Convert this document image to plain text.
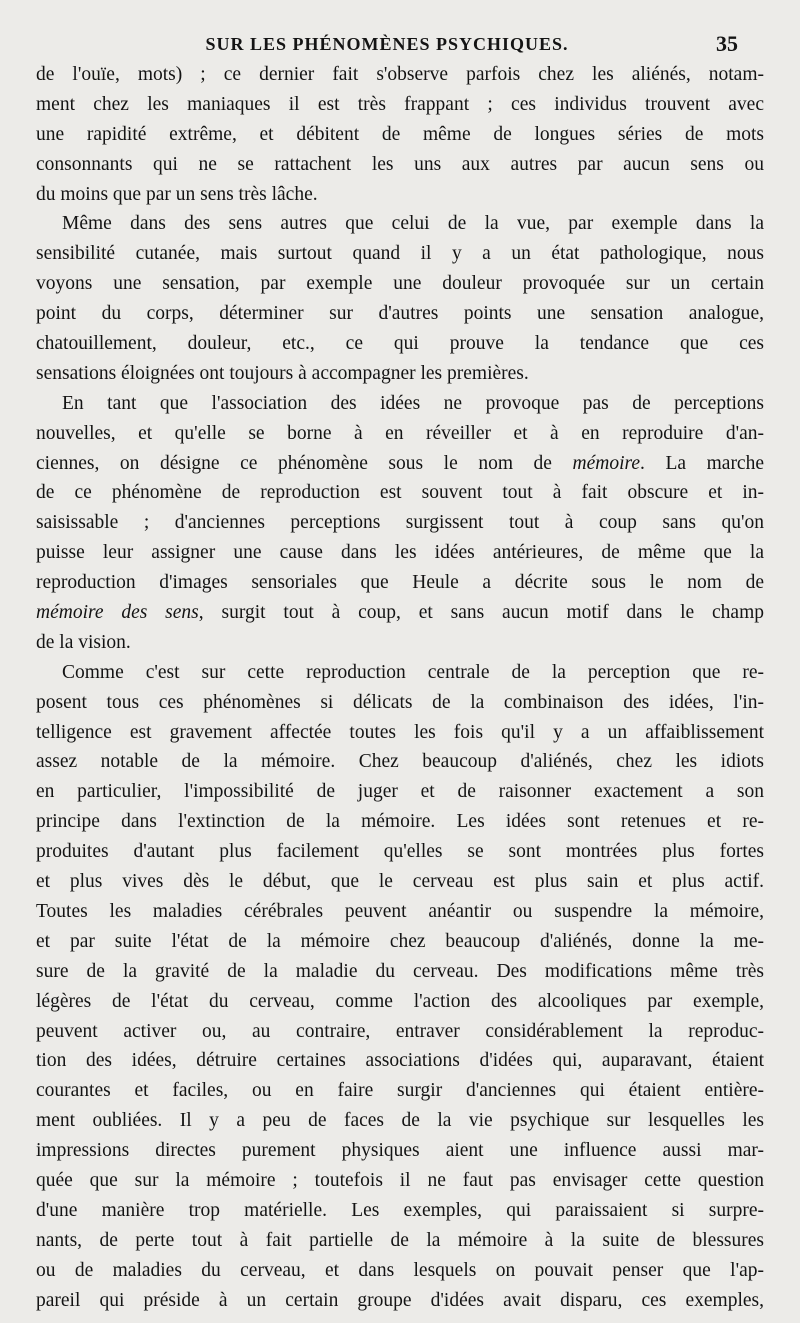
SUR LES PHÉNOMÈNES PSYCHIQUES.	35
de l'ouïe, mots) ; ce dernier fait s'observe parfois chez les aliénés, notam-
ment chez les maniaques il est très frappant ; ces individus trouvent avec
une rapidité extrême, et débitent de même de longues séries de mots
consonnants qui ne se rattachent les uns aux autres par aucun sens ou
du moins que par un sens très lâche.
Même dans des sens autres que celui de la vue, par exemple dans la
sensibilité cutanée, mais surtout quand il y a un état pathologique, nous
voyons une sensation, par exemple une douleur provoquée sur un certain
point du corps, déterminer sur d'autres points une sensation analogue,
chatouillement, douleur, etc., ce qui prouve la tendance que ces
sensations éloignées ont toujours à accompagner les premières.
En tant que l'association des idées ne provoque pas de perceptions
nouvelles, et qu'elle se borne à en réveiller et à en reproduire d'an-
ciennes, on désigne ce phénomène sous le nom de mémoire. La marche
de ce phénomène de reproduction est souvent tout à fait obscure et in-
saisissable ; d'anciennes perceptions surgissent tout à coup sans qu'on
puisse leur assigner une cause dans les idées antérieures, de même que la
reproduction d'images sensoriales que Heule a décrite sous le nom de
mémoire des sens, surgit tout à coup, et sans aucun motif dans le champ
de la vision.
Comme c'est sur cette reproduction centrale de la perception que re-
posent tous ces phénomènes si délicats de la combinaison des idées, l'in-
telligence est gravement affectée toutes les fois qu'il y a un affaiblissement
assez notable de la mémoire. Chez beaucoup d'aliénés, chez les idiots
en particulier, l'impossibilité de juger et de raisonner exactement a son
principe dans l'extinction de la mémoire. Les idées sont retenues et re-
produites d'autant plus facilement qu'elles se sont montrées plus fortes
et plus vives dès le début, que le cerveau est plus sain et plus actif.
Toutes les maladies cérébrales peuvent anéantir ou suspendre la mémoire,
et par suite l'état de la mémoire chez beaucoup d'aliénés, donne la me-
sure de la gravité de la maladie du cerveau. Des modifications même très
légères de l'état du cerveau, comme l'action des alcooliques par exemple,
peuvent activer ou, au contraire, entraver considérablement la reproduc-
tion des idées, détruire certaines associations d'idées qui, auparavant, étaient
courantes et faciles, ou en faire surgir d'anciennes qui étaient entière-
ment oubliées. Il y a peu de faces de la vie psychique sur lesquelles les
impressions directes purement physiques aient une influence aussi mar-
quée que sur la mémoire ; toutefois il ne faut pas envisager cette question
d'une manière trop matérielle. Les exemples, qui paraissaient si surpre-
nants, de perte tout à fait partielle de la mémoire à la suite de blessures
ou de maladies du cerveau, et dans lesquels on pouvait penser que l'ap-
pareil qui préside à un certain groupe d'idées avait disparu, ces exemples,
